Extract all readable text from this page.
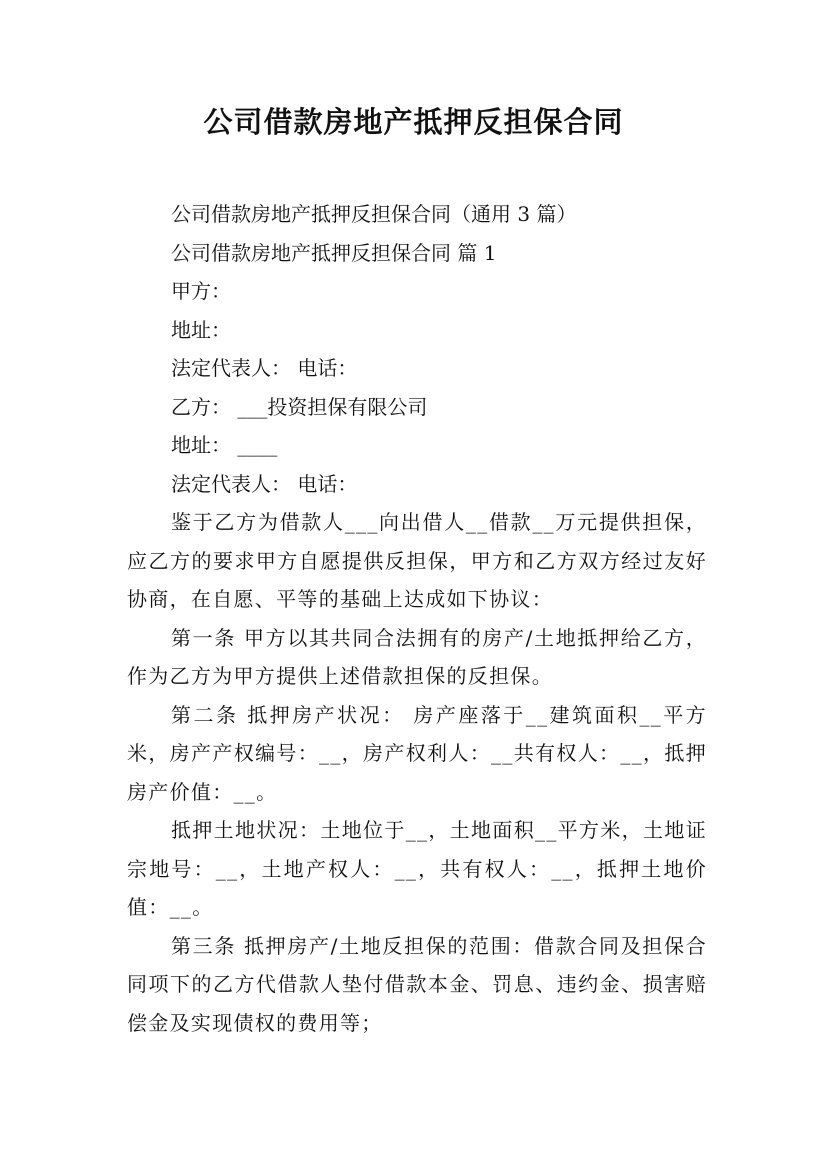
公司借款房地产抵押反担保合同

公司借款房地产抵押反担保合同（通用 3 篇）

公司借款房地产抵押反担保合同 篇 1

甲方：

地址：

法定代表人： 电话：

乙方： ___投资担保有限公司

地址： ____

法定代表人： 电话：

鉴于乙方为借款人___向出借人__借款__万元提供担保，应乙方的要求甲方自愿提供反担保，甲方和乙方双方经过友好协商，在自愿、平等的基础上达成如下协议：

第一条 甲方以其共同合法拥有的房产/土地抵押给乙方，作为乙方为甲方提供上述借款担保的反担保。

第二条 抵押房产状况： 房产座落于__建筑面积__平方米，房产产权编号：__，房产权利人：__共有权人：__，抵押房产价值：__。

抵押土地状况：土地位于__，土地面积__平方米，土地证宗地号：__，土地产权人：__，共有权人：__，抵押土地价值：__。

第三条 抵押房产/土地反担保的范围：借款合同及担保合同项下的乙方代借款人垫付借款本金、罚息、违约金、损害赔偿金及实现债权的费用等；
